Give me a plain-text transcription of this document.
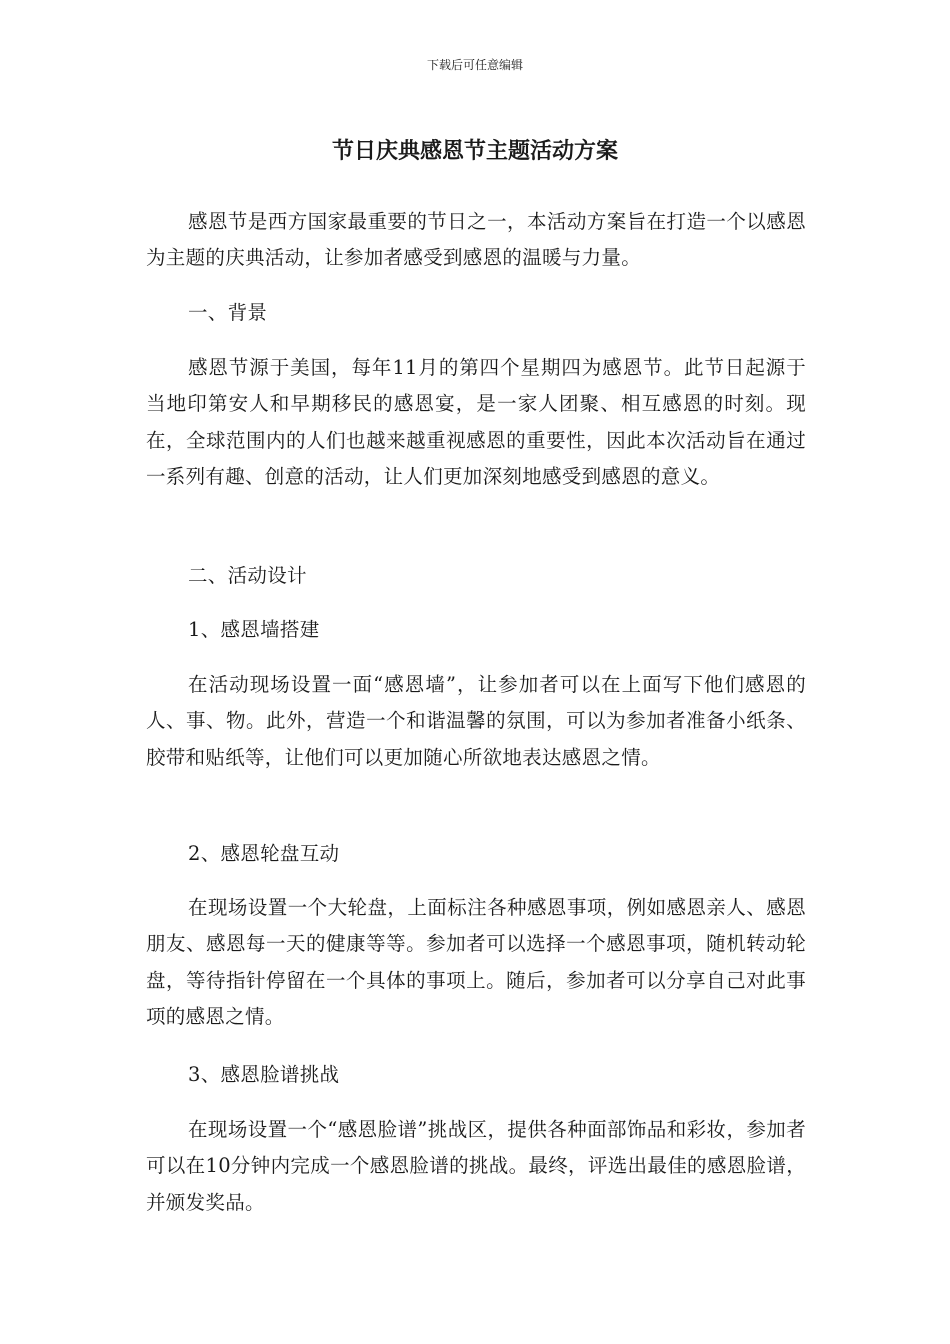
下载后可任意编辑
节日庆典感恩节主题活动方案

感恩节是西方国家最重要的节日之一，本活动方案旨在打造一个以感恩为主题的庆典活动，让参加者感受到感恩的温暖与力量。

一、背景

感恩节源于美国，每年11月的第四个星期四为感恩节。此节日起源于当地印第安人和早期移民的感恩宴，是一家人团聚、相互感恩的时刻。现在，全球范围内的人们也越来越重视感恩的重要性，因此本次活动旨在通过一系列有趣、创意的活动，让人们更加深刻地感受到感恩的意义。

二、活动设计

1、感恩墙搭建

在活动现场设置一面“感恩墙”，让参加者可以在上面写下他们感恩的人、事、物。此外，营造一个和谐温馨的氛围，可以为参加者准备小纸条、胶带和贴纸等，让他们可以更加随心所欲地表达感恩之情。

2、感恩轮盘互动

在现场设置一个大轮盘，上面标注各种感恩事项，例如感恩亲人、感恩朋友、感恩每一天的健康等等。参加者可以选择一个感恩事项，随机转动轮盘，等待指针停留在一个具体的事项上。随后，参加者可以分享自己对此事项的感恩之情。

3、感恩脸谱挑战

在现场设置一个“感恩脸谱”挑战区，提供各种面部饰品和彩妆，参加者可以在10分钟内完成一个感恩脸谱的挑战。最终，评选出最佳的感恩脸谱，并颁发奖品。
